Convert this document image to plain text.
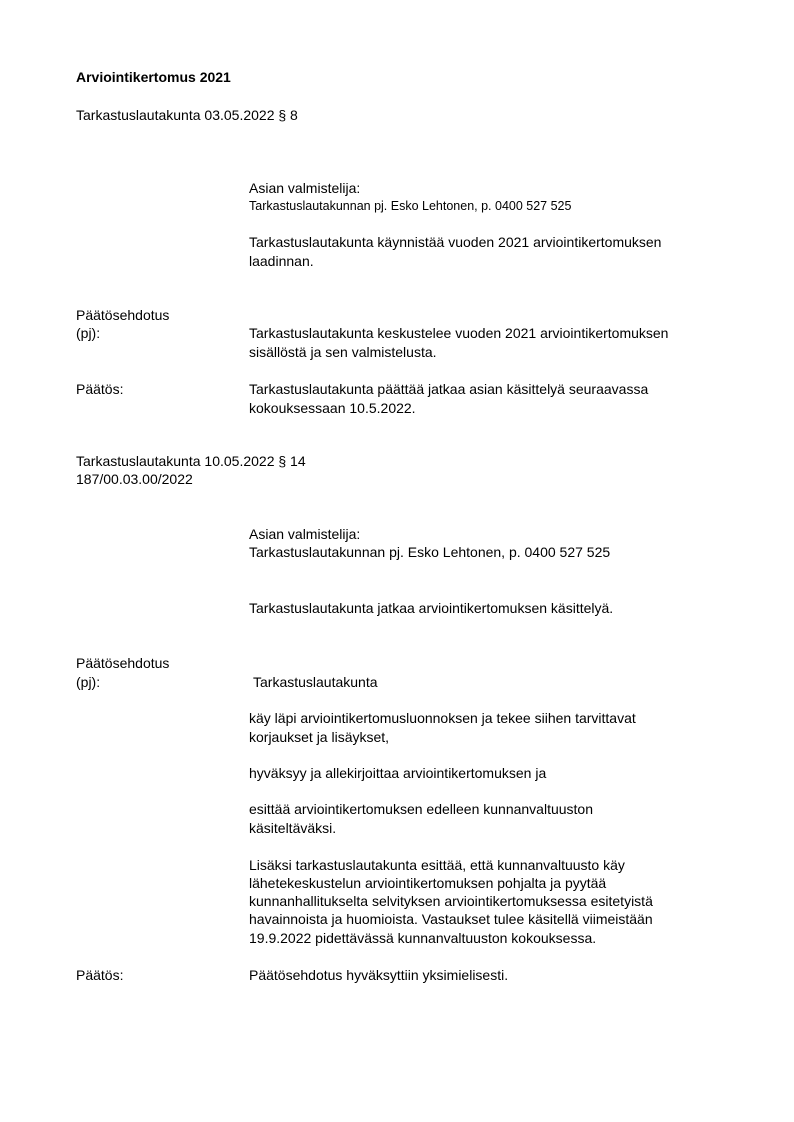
Arviointikertomus 2021
Tarkastuslautakunta 03.05.2022 § 8
Asian valmistelija:
Tarkastuslautakunnan pj. Esko Lehtonen, p. 0400 527 525
Tarkastuslautakunta käynnistää vuoden 2021 arviointikertomuksen
laadinnan.
Päätösehdotus
(pj):	Tarkastuslautakunta keskustelee vuoden 2021 arviointikertomuksen
sisällöstä ja sen valmistelusta.
Päätös:	Tarkastuslautakunta päättää jatkaa asian käsittelyä seuraavassa
kokouksessaan 10.5.2022.
Tarkastuslautakunta 10.05.2022 § 14
187/00.03.00/2022
Asian valmistelija:
Tarkastuslautakunnan pj. Esko Lehtonen, p. 0400 527 525
Tarkastuslautakunta jatkaa arviointikertomuksen käsittelyä.
Päätösehdotus
(pj):	Tarkastuslautakunta
käy läpi arviointikertomusluonnoksen ja tekee siihen tarvittavat
korjaukset ja lisäykset,
hyväksyy ja allekirjoittaa arviointikertomuksen ja
esittää arviointikertomuksen edelleen kunnanvaltuuston
käsiteltäväksi.
Lisäksi tarkastuslautakunta esittää, että kunnanvaltuusto käy
lähetekeskustelun arviointikertomuksen pohjalta ja pyytää
kunnanhallitukselta selvityksen arviointikertomuksessa esitetyistä
havainnoista ja huomioista. Vastaukset tulee käsitellä viimeistään
19.9.2022 pidettävässä kunnanvaltuuston kokouksessa.
Päätös:	Päätösehdotus hyväksyttiin yksimielisesti.
